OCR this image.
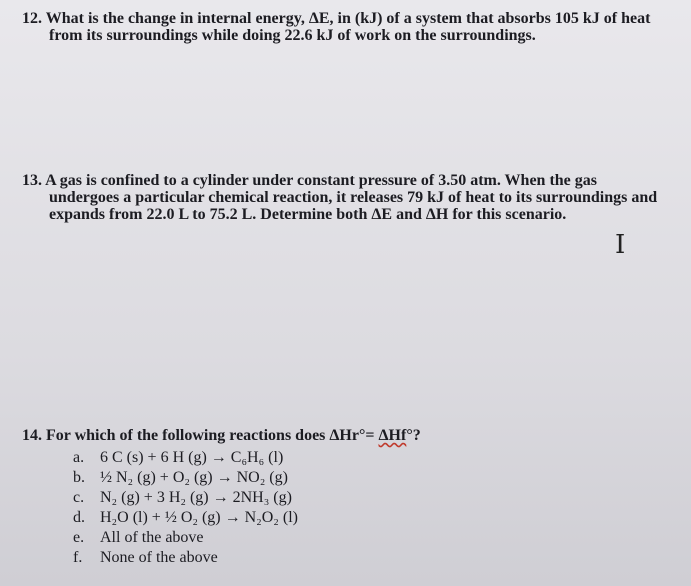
12. What is the change in internal energy, ΔE, in (kJ) of a system that absorbs 105 kJ of heat
from its surroundings while doing 22.6 kJ of work on the surroundings.
13. A gas is confined to a cylinder under constant pressure of 3.50 atm. When the gas
undergoes a particular chemical reaction, it releases 79 kJ of heat to its surroundings and
expands from 22.0 L to 75.2 L. Determine both ΔE and ΔH for this scenario.
I
14. For which of the following reactions does ΔHr°= ΔHf°?
a. 6 C (s) + 6 H (g) → C₆H₆ (l)
b. ½ N₂ (g) + O₂ (g) → NO₂ (g)
c. N₂ (g) + 3 H₂ (g) → 2NH₃ (g)
d. H₂O (l) + ½ O₂ (g) → N₂O₂ (l)
e. All of the above
f.	None of the above
